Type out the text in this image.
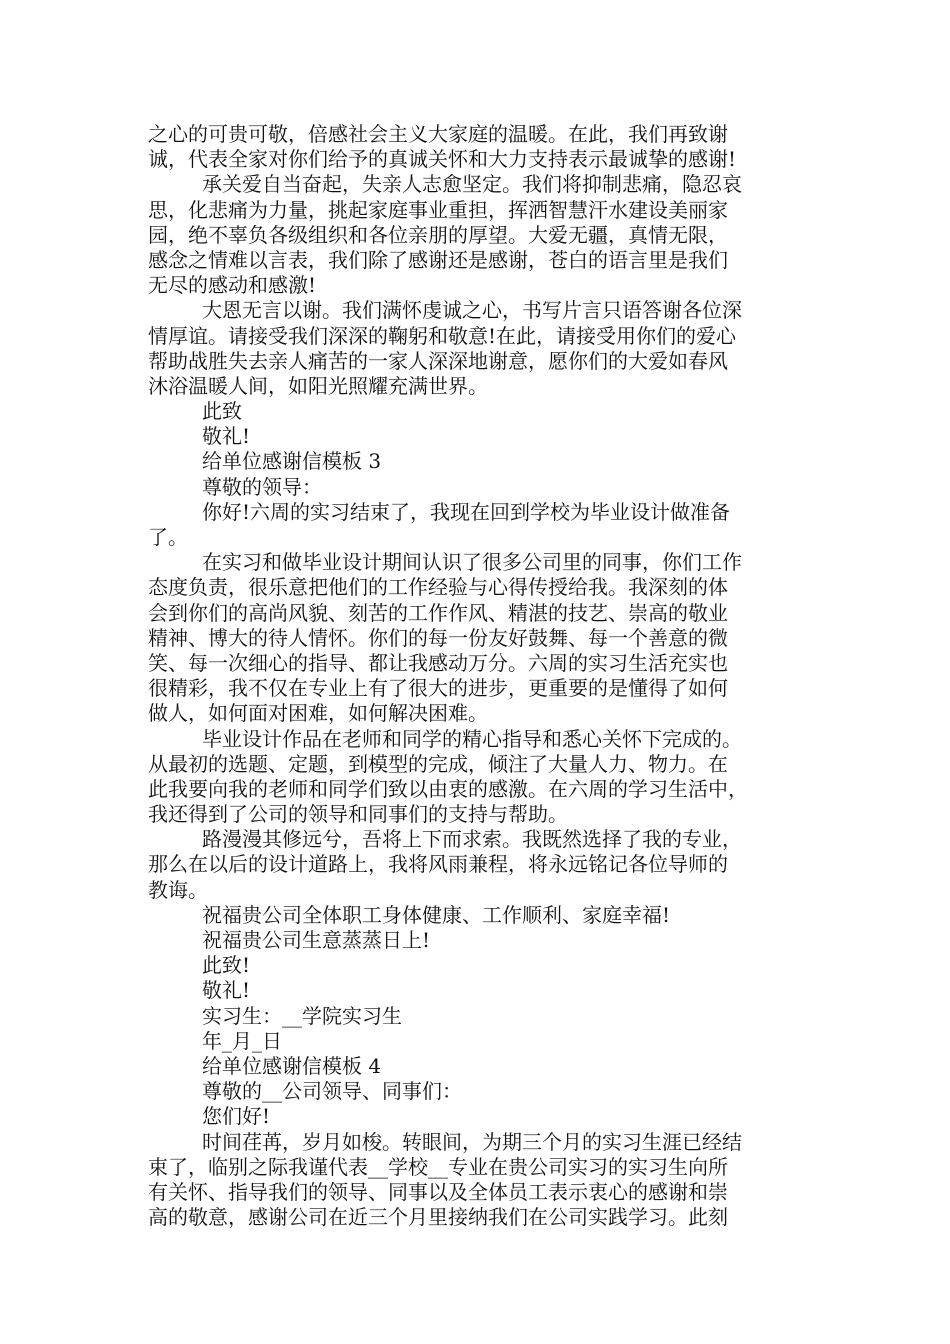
之心的可贵可敬，倍感社会主义大家庭的温暖。在此，我们再致谢
诚，代表全家对你们给予的真诚关怀和大力支持表示最诚挚的感谢!
承关爱自当奋起，失亲人志愈坚定。我们将抑制悲痛，隐忍哀
思，化悲痛为力量，挑起家庭事业重担，挥洒智慧汗水建设美丽家
园，绝不辜负各级组织和各位亲朋的厚望。大爱无疆，真情无限，
感念之情难以言表，我们除了感谢还是感谢，苍白的语言里是我们
无尽的感动和感激!
大恩无言以谢。我们满怀虔诚之心，书写片言只语答谢各位深
情厚谊。请接受我们深深的鞠躬和敬意!在此，请接受用你们的爱心
帮助战胜失去亲人痛苦的一家人深深地谢意，愿你们的大爱如春风
沐浴温暖人间，如阳光照耀充满世界。
此致
敬礼!
给单位感谢信模板 3
尊敬的领导：
你好!六周的实习结束了，我现在回到学校为毕业设计做准备
了。
在实习和做毕业设计期间认识了很多公司里的同事，你们工作
态度负责，很乐意把他们的工作经验与心得传授给我。我深刻的体
会到你们的高尚风貌、刻苦的工作作风、精湛的技艺、崇高的敬业
精神、博大的待人情怀。你们的每一份友好鼓舞、每一个善意的微
笑、每一次细心的指导、都让我感动万分。六周的实习生活充实也
很精彩，我不仅在专业上有了很大的进步，更重要的是懂得了如何
做人，如何面对困难，如何解决困难。
毕业设计作品在老师和同学的精心指导和悉心关怀下完成的。
从最初的选题、定题，到模型的完成，倾注了大量人力、物力。在
此我要向我的老师和同学们致以由衷的感激。在六周的学习生活中，
我还得到了公司的领导和同事们的支持与帮助。
路漫漫其修远兮，吾将上下而求索。我既然选择了我的专业，
那么在以后的设计道路上，我将风雨兼程，将永远铭记各位导师的
教诲。
祝福贵公司全体职工身体健康、工作顺利、家庭幸福!
祝福贵公司生意蒸蒸日上!
此致!
敬礼!
实习生：__学院实习生
年_月_日
给单位感谢信模板 4
尊敬的__公司领导、同事们：
您们好!
时间荏苒，岁月如梭。转眼间，为期三个月的实习生涯已经结
束了，临别之际我谨代表__学校__专业在贵公司实习的实习生向所
有关怀、指导我们的领导、同事以及全体员工表示衷心的感谢和崇
高的敬意，感谢公司在近三个月里接纳我们在公司实践学习。此刻
